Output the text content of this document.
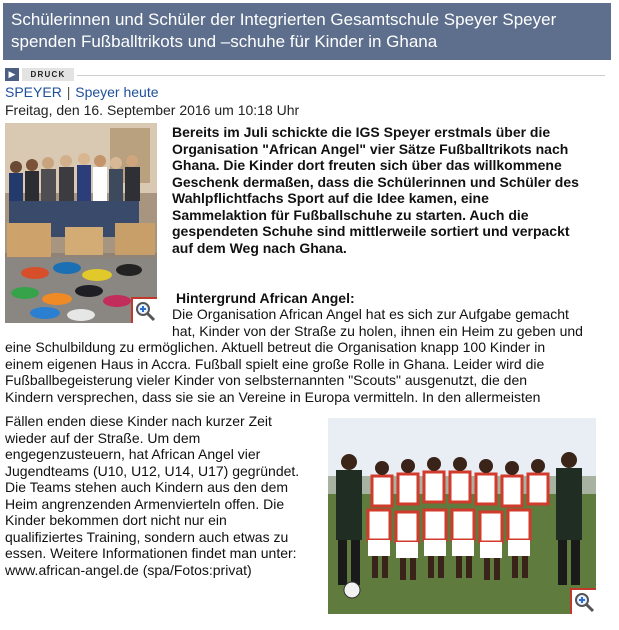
Schülerinnen und Schüler der Integrierten Gesamtschule Speyer Speyer
spenden Fußballtrikots und –schuhe für Kinder in Ghana
▶	DRUCK
SPEYER | Speyer heute
Freitag, den 16. September 2016 um 10:18 Uhr
Bereits im Juli schickte die IGS Speyer erstmals über die
Organisation "African Angel" vier Sätze Fußballtrikots nach
Ghana. Die Kinder dort freuten sich über das willkommene
Geschenk dermaßen, dass die Schülerinnen und Schüler des
Wahlpflichtfachs Sport auf die Idee kamen, eine
Sammelaktion für Fußballschuhe zu starten. Auch die
gespendeten Schuhe sind mittlerweile sortiert und verpackt
auf dem Weg nach Ghana.
Hintergrund African Angel:
Die Organisation African Angel hat es sich zur Aufgabe gemacht
hat, Kinder von der Straße zu holen, ihnen ein Heim zu geben und
eine Schulbildung zu ermöglichen. Aktuell betreut die Organisation knapp 100 Kinder in
einem eigenen Haus in Accra. Fußball spielt eine große Rolle in Ghana. Leider wird die
Fußballbegeisterung vieler Kinder von selbsternannten "Scouts" ausgenutzt, die den
Kindern versprechen, dass sie sie an Vereine in Europa vermitteln. In den allermeisten
Fällen enden diese Kinder nach kurzer Zeit
wieder auf der Straße. Um dem
engegenzusteuern, hat African Angel vier
Jugendteams (U10, U12, U14, U17) gegründet.
Die Teams stehen auch Kindern aus den dem
Heim angrenzenden Armenvierteln offen. Die
Kinder bekommen dort nicht nur ein
qualifiziertes Training, sondern auch etwas zu
essen. Weitere Informationen findet man unter:
www.african-angel.de (spa/Fotos:privat)
